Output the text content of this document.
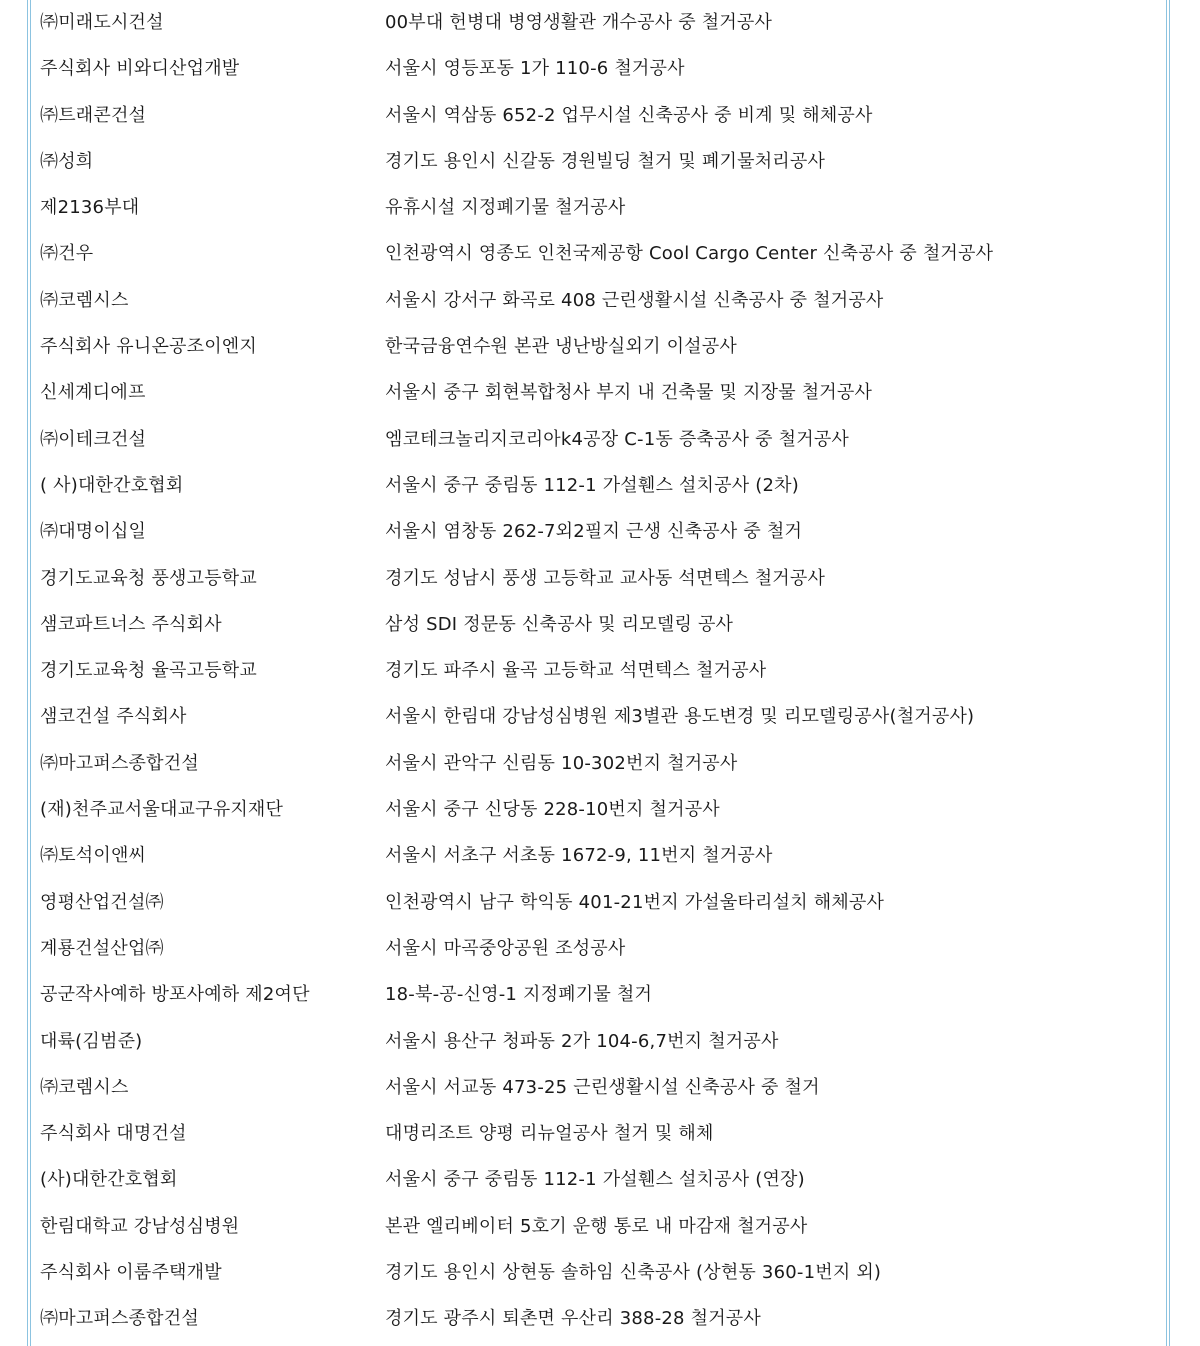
㈜미래도시건설	00부대 헌병대 병영생활관 개수공사 중 철거공사
주식회사 비와디산업개발	서울시 영등포동 1가 110-6 철거공사
㈜트래콘건설	서울시 역삼동 652-2 업무시설 신축공사 중 비계 및 해체공사
㈜성희	경기도 용인시 신갈동 경원빌딩 철거 및 폐기물처리공사
제2136부대	유휴시설 지정폐기물 철거공사
㈜건우	인천광역시 영종도 인천국제공항 Cool Cargo Center 신축공사 중 철거공사
㈜코렘시스	서울시 강서구 화곡로 408 근린생활시설 신축공사 중 철거공사
주식회사 유니온공조이엔지	한국금융연수원 본관 냉난방실외기 이설공사
신세계디에프	서울시 중구 회현복합청사 부지 내 건축물 및 지장물 철거공사
㈜이테크건설	엠코테크놀리지코리아k4공장 C-1동 증축공사 중 철거공사
( 사)대한간호협회	서울시 중구 중림동 112-1 가설휀스 설치공사 (2차)
㈜대명이십일	서울시 염창동 262-7외2필지 근생 신축공사 중 철거
경기도교육청 풍생고등학교	경기도 성남시 풍생 고등학교 교사동 석면텍스 철거공사
샘코파트너스 주식회사	삼성 SDI 정문동 신축공사 및 리모델링 공사
경기도교육청 율곡고등학교	경기도 파주시 율곡 고등학교 석면텍스 철거공사
샘코건설 주식회사	서울시 한림대 강남성심병원 제3별관 용도변경 및 리모델링공사(철거공사)
㈜마고퍼스종합건설	서울시 관악구 신림동 10-302번지 철거공사
(재)천주교서울대교구유지재단	서울시 중구 신당동 228-10번지 철거공사
㈜토석이앤씨	서울시 서초구 서초동 1672-9, 11번지 철거공사
영평산업건설㈜	인천광역시 남구 학익동 401-21번지 가설울타리설치 해체공사
계룡건설산업㈜	서울시 마곡중앙공원 조성공사
공군작사예하 방포사예하 제2여단	18-북-공-신영-1 지정폐기물 철거
대륙(김범준)	서울시 용산구 청파동 2가 104-6,7번지 철거공사
㈜코렘시스	서울시 서교동 473-25 근린생활시설 신축공사 중 철거
주식회사 대명건설	대명리조트 양평 리뉴얼공사 철거 및 해체
(사)대한간호협회	서울시 중구 중림동 112-1 가설휀스 설치공사 (연장)
한림대학교 강남성심병원	본관 엘리베이터 5호기 운행 통로 내 마감재 철거공사
주식회사 이룸주택개발	경기도 용인시 상현동 솔하임 신축공사 (상현동 360-1번지 외)
㈜마고퍼스종합건설	경기도 광주시 퇴촌면 우산리 388-28 철거공사
